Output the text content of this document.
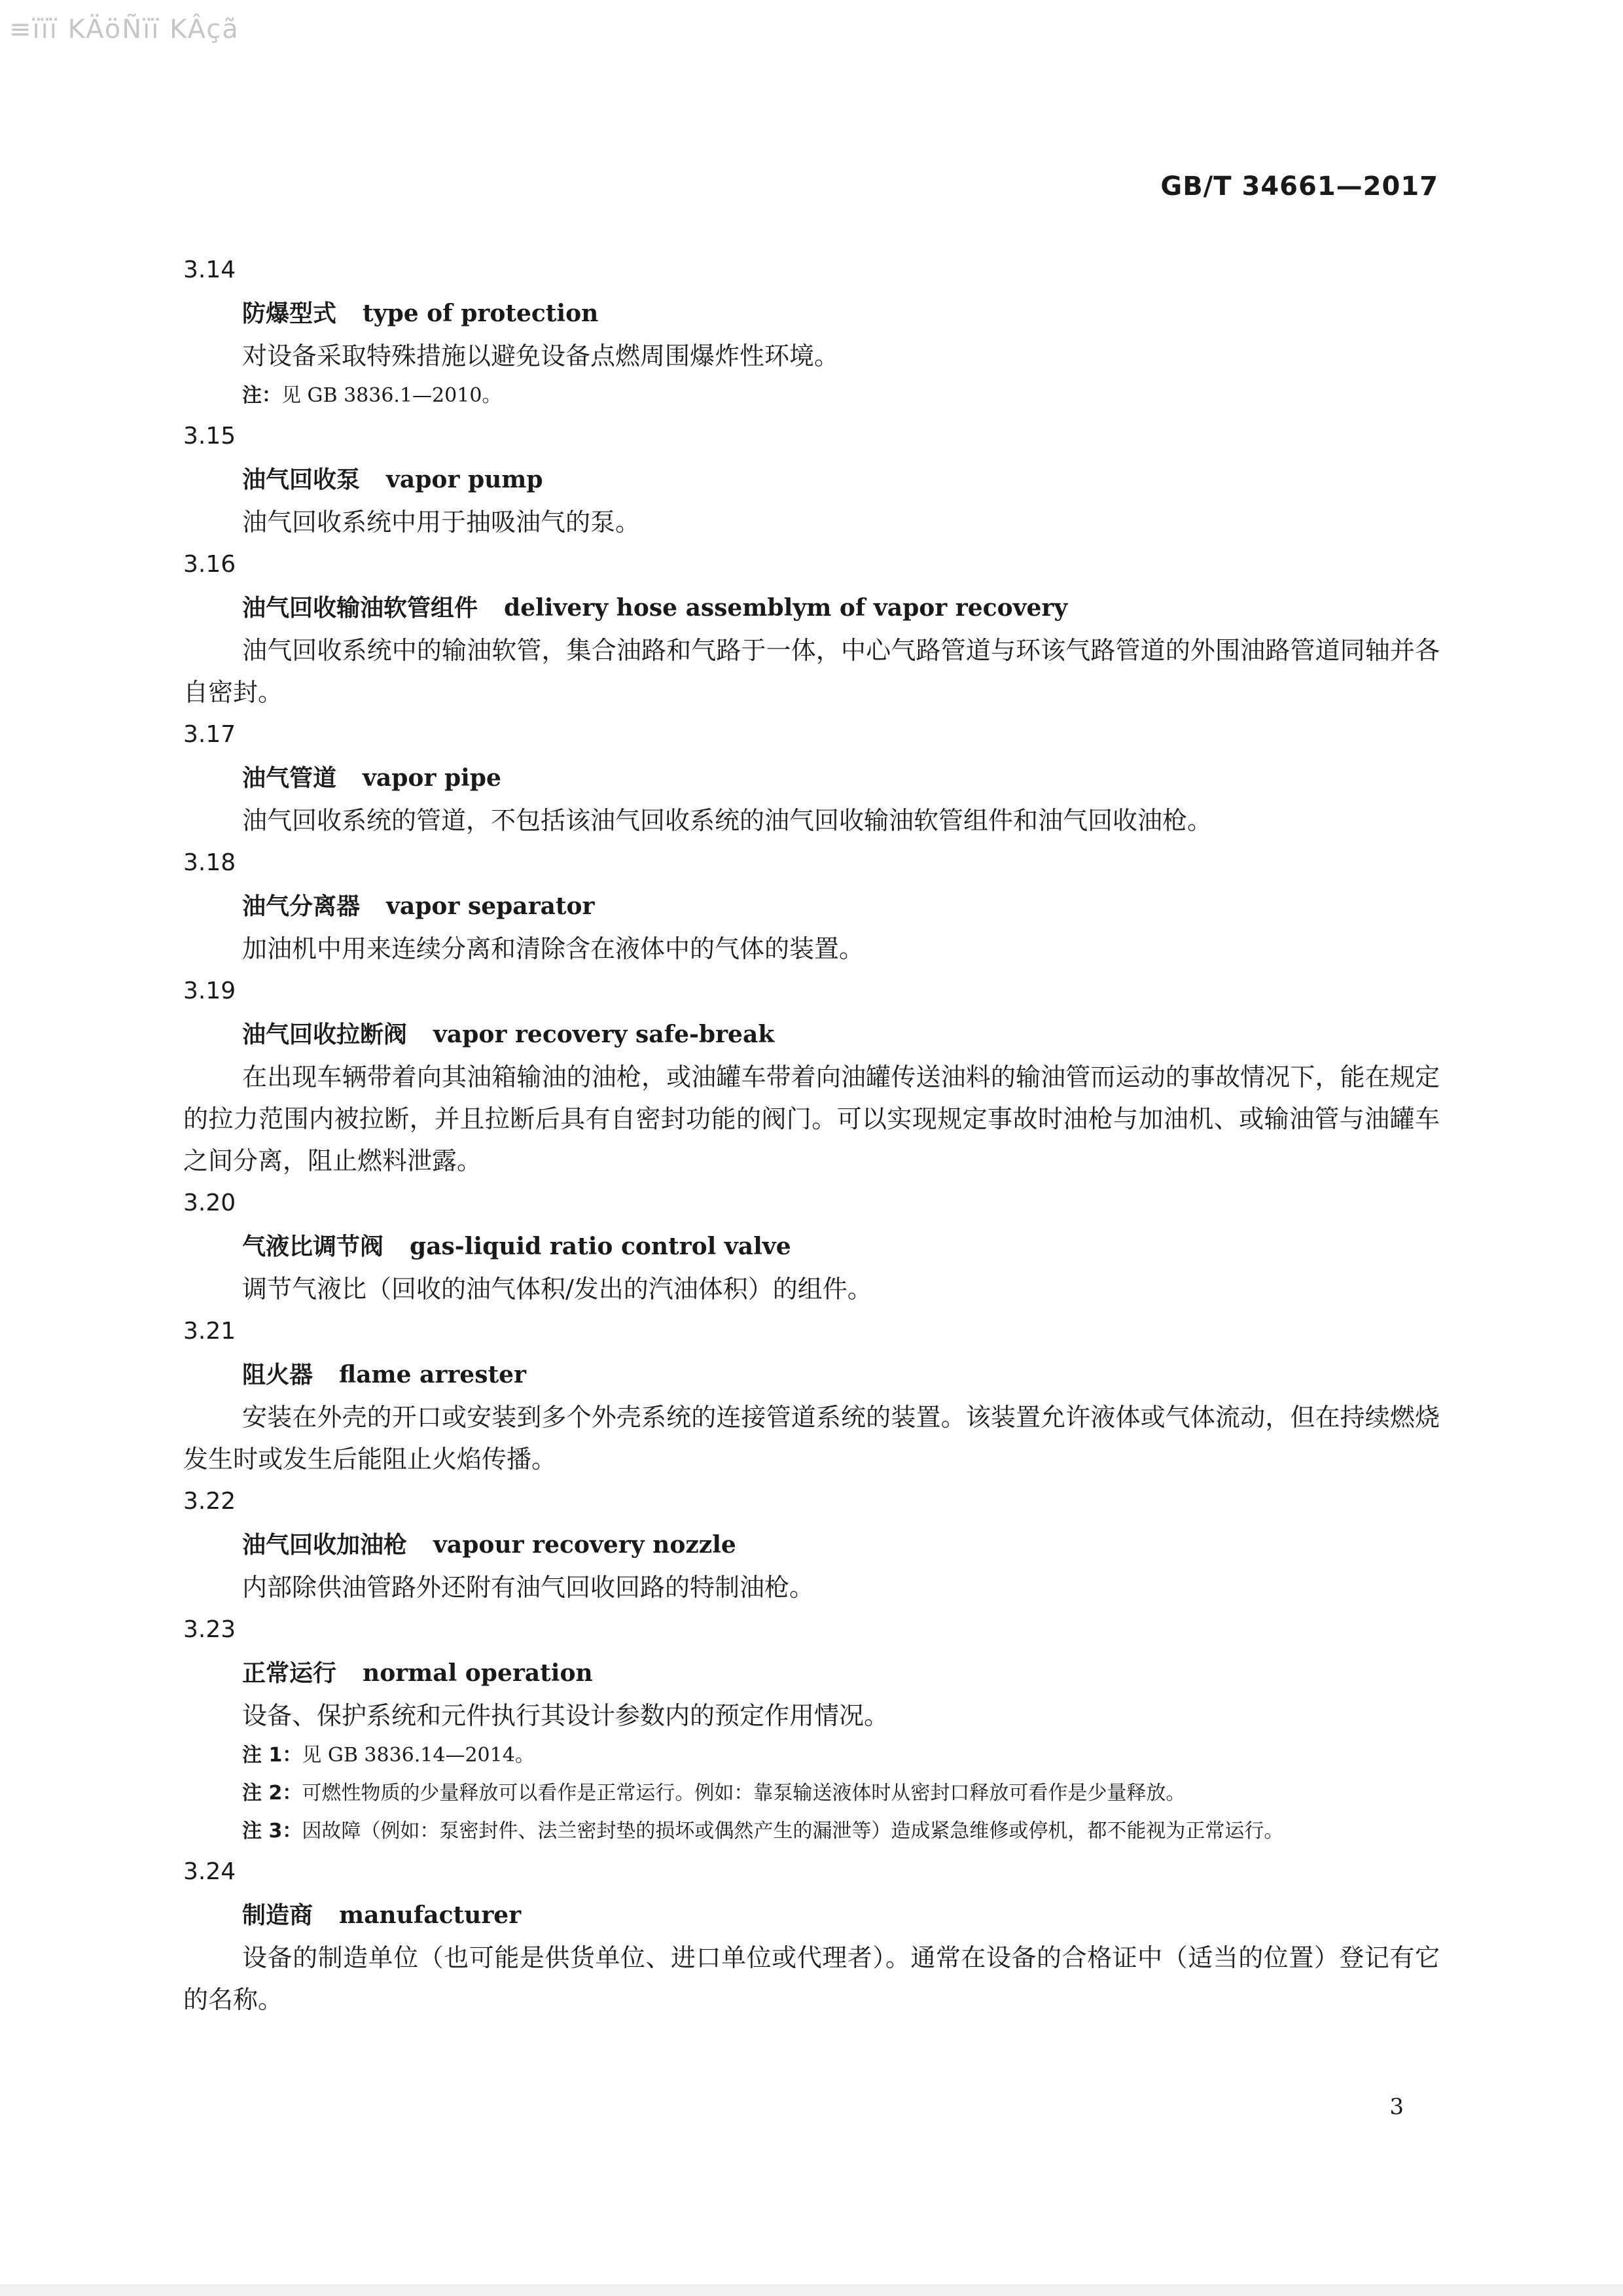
≡ïïï KÄöÑïï KÂçã
GB/T 34661—2017
3.14
防爆型式 type of protection
对设备采取特殊措施以避免设备点燃周围爆炸性环境。
注：见 GB 3836.1—2010。
3.15
油气回收泵 vapor pump
油气回收系统中用于抽吸油气的泵。
3.16
油气回收输油软管组件 delivery hose assemblym of vapor recovery
油气回收系统中的输油软管，集合油路和气路于一体，中心气路管道与环该气路管道的外围油路管道同轴并各自密封。
3.17
油气管道 vapor pipe
油气回收系统的管道，不包括该油气回收系统的油气回收输油软管组件和油气回收油枪。
3.18
油气分离器 vapor separator
加油机中用来连续分离和清除含在液体中的气体的装置。
3.19
油气回收拉断阀 vapor recovery safe-break
在出现车辆带着向其油箱输油的油枪，或油罐车带着向油罐传送油料的输油管而运动的事故情况下，能在规定的拉力范围内被拉断，并且拉断后具有自密封功能的阀门。可以实现规定事故时油枪与加油机、或输油管与油罐车之间分离，阻止燃料泄露。
3.20
气液比调节阀 gas-liquid ratio control valve
调节气液比（回收的油气体积/发出的汽油体积）的组件。
3.21
阻火器 flame arrester
安装在外壳的开口或安装到多个外壳系统的连接管道系统的装置。该装置允许液体或气体流动，但在持续燃烧发生时或发生后能阻止火焰传播。
3.22
油气回收加油枪 vapour recovery nozzle
内部除供油管路外还附有油气回收回路的特制油枪。
3.23
正常运行 normal operation
设备、保护系统和元件执行其设计参数内的预定作用情况。
注 1：见 GB 3836.14—2014。
注 2：可燃性物质的少量释放可以看作是正常运行。例如：靠泵输送液体时从密封口释放可看作是少量释放。
注 3：因故障（例如：泵密封件、法兰密封垫的损坏或偶然产生的漏泄等）造成紧急维修或停机，都不能视为正常运行。
3.24
制造商 manufacturer
设备的制造单位（也可能是供货单位、进口单位或代理者）。通常在设备的合格证中（适当的位置）登记有它的名称。
3
